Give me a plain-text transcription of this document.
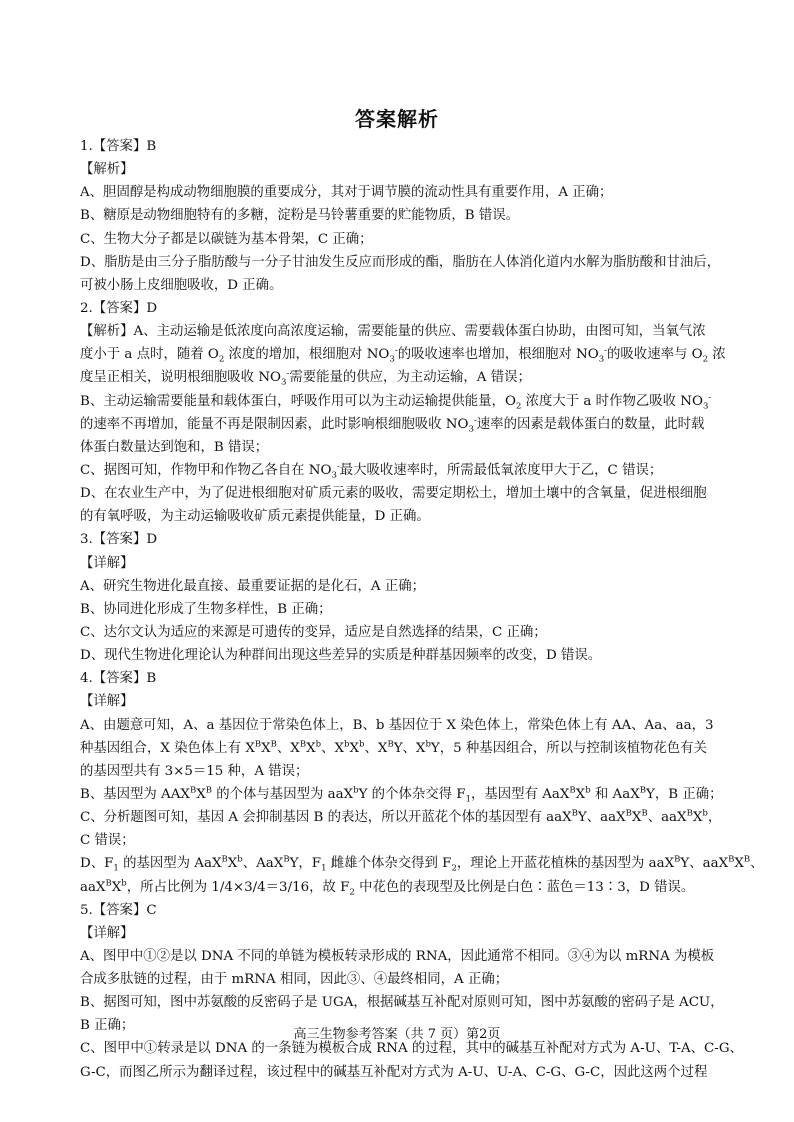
答案解析
1.【答案】B
【解析】
A、胆固醇是构成动物细胞膜的重要成分，其对于调节膜的流动性具有重要作用，A 正确；
B、糖原是动物细胞特有的多糖，淀粉是马铃薯重要的贮能物质，B 错误。
C、生物大分子都是以碳链为基本骨架，C 正确；
D、脂肪是由三分子脂肪酸与一分子甘油发生反应而形成的酯，脂肪在人体消化道内水解为脂肪酸和甘油后，
可被小肠上皮细胞吸收，D 正确。
2.【答案】D
【解析】A、主动运输是低浓度向高浓度运输，需要能量的供应、需要载体蛋白协助，由图可知，当氧气浓
度小于 a 点时，随着 $O_2$ 浓度的增加，根细胞对 $NO_3^-$的吸收速率也增加，根细胞对 $NO_3^-$的吸收速率与 $O_2$ 浓
度呈正相关，说明根细胞吸收 $NO_3^-$需要能量的供应，为主动运输，A 错误；
B、主动运输需要能量和载体蛋白，呼吸作用可以为主动运输提供能量，$O_2$ 浓度大于 a 时作物乙吸收 $NO_3^-$
的速率不再增加，能量不再是限制因素，此时影响根细胞吸收 $NO_3^-$速率的因素是载体蛋白的数量，此时载
体蛋白数量达到饱和，B 错误；
C、据图可知，作物甲和作物乙各自在 $NO_3^-$最大吸收速率时，所需最低氧浓度甲大于乙，C 错误；
D、在农业生产中，为了促进根细胞对矿质元素的吸收，需要定期松土，增加土壤中的含氧量，促进根细胞
的有氧呼吸，为主动运输吸收矿质元素提供能量，D 正确。
3.【答案】D
【详解】
A、研究生物进化最直接、最重要证据的是化石，A 正确；
B、协同进化形成了生物多样性，B 正确；
C、达尔文认为适应的来源是可遗传的变异，适应是自然选择的结果，C 正确；
D、现代生物进化理论认为种群间出现这些差异的实质是种群基因频率的改变，D 错误。
4.【答案】B
【详解】
A、由题意可知，A、a 基因位于常染色体上，B、b 基因位于 X 染色体上，常染色体上有 AA、Aa、aa，3
种基因组合，X 染色体上有 $X^BX^B$、$X^BX^b$、$X^bX^b$、$X^BY$、$X^bY$，5 种基因组合，所以与控制该植物花色有关
的基因型共有 3×5＝15 种，A 错误；
B、基因型为 $AAX^BX^B$ 的个体与基因型为 aaX$^b$Y 的个体杂交得 $F_1$，基因型有 $AaX^BX^b$ 和 AaX$^B$Y，B 正确；
C、分析题图可知，基因 A 会抑制基因 B 的表达，所以开蓝花个体的基因型有 aaX$^B$Y、$aaX^BX^B$、$aaX^BX^b$，
C 错误；
D、$F_1$ 的基因型为 $AaX^BX^b$、AaX$^B$Y，$F_1$ 雌雄个体杂交得到 $F_2$，理论上开蓝花植株的基因型为 aaX$^B$Y、$aaX^BX^B$、
$aaX^BX^b$，所占比例为 1/4×3/4＝3/16，故 $F_2$ 中花色的表现型及比例是白色∶蓝色＝13∶3，D 错误。
5.【答案】C
【详解】
A、图甲中①②是以 DNA 不同的单链为模板转录形成的 RNA，因此通常不相同。③④为以 mRNA 为模板
合成多肽链的过程，由于 mRNA 相同，因此③、④最终相同，A 正确；
B、据图可知，图中苏氨酸的反密码子是 UGA，根据碱基互补配对原则可知，图中苏氨酸的密码子是 ACU，
B 正确；
C、图甲中①转录是以 DNA 的一条链为模板合成 RNA 的过程，其中的碱基互补配对方式为 A-U、T-A、C-G、
G-C，而图乙所示为翻译过程，该过程中的碱基互补配对方式为 A-U、U-A、C-G、G-C，因此这两个过程
高三生物参考答案（共 7 页）第2页
